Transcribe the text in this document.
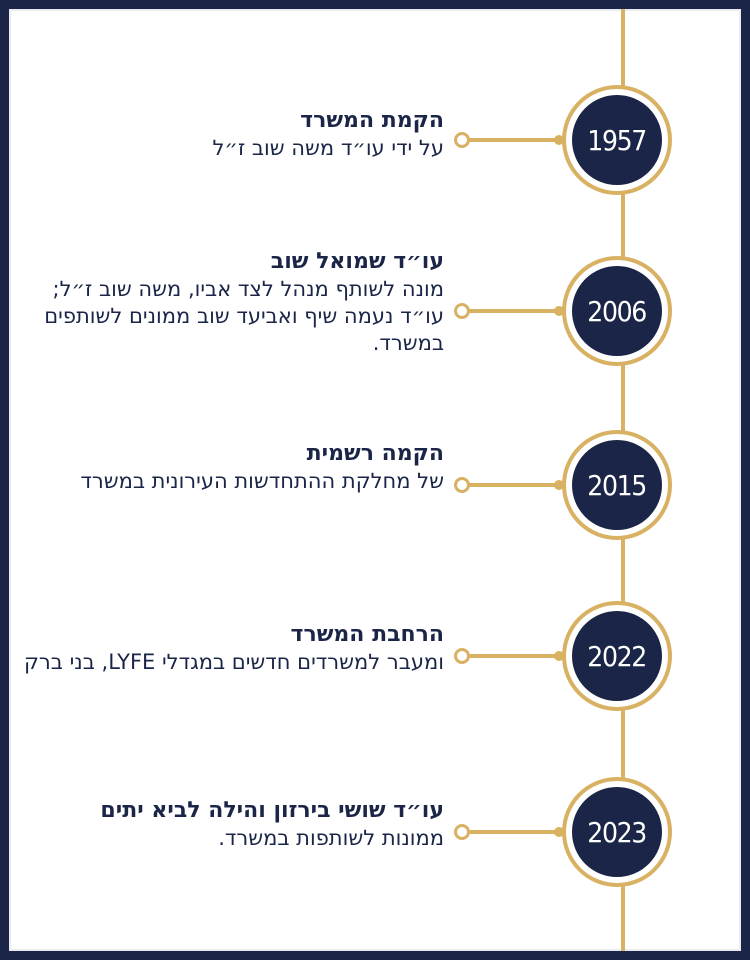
1957
הקמת המשרד
על ידי עו״ד משה שוב ז״ל
2006
עו״ד שמואל שוב
מונה לשותף מנהל לצד אביו, משה שוב ז״ל; עו״ד נעמה שיף ואביעד שוב ממונים לשותפים במשרד.
2015
הקמה רשמית
של מחלקת ההתחדשות העירונית במשרד
2022
הרחבת המשרד
ומעבר למשרדים חדשים במגדלי LYFE, בני ברק
2023
עו״ד שושי בירזון והילה לביא יתים
ממונות לשותפות במשרד.
